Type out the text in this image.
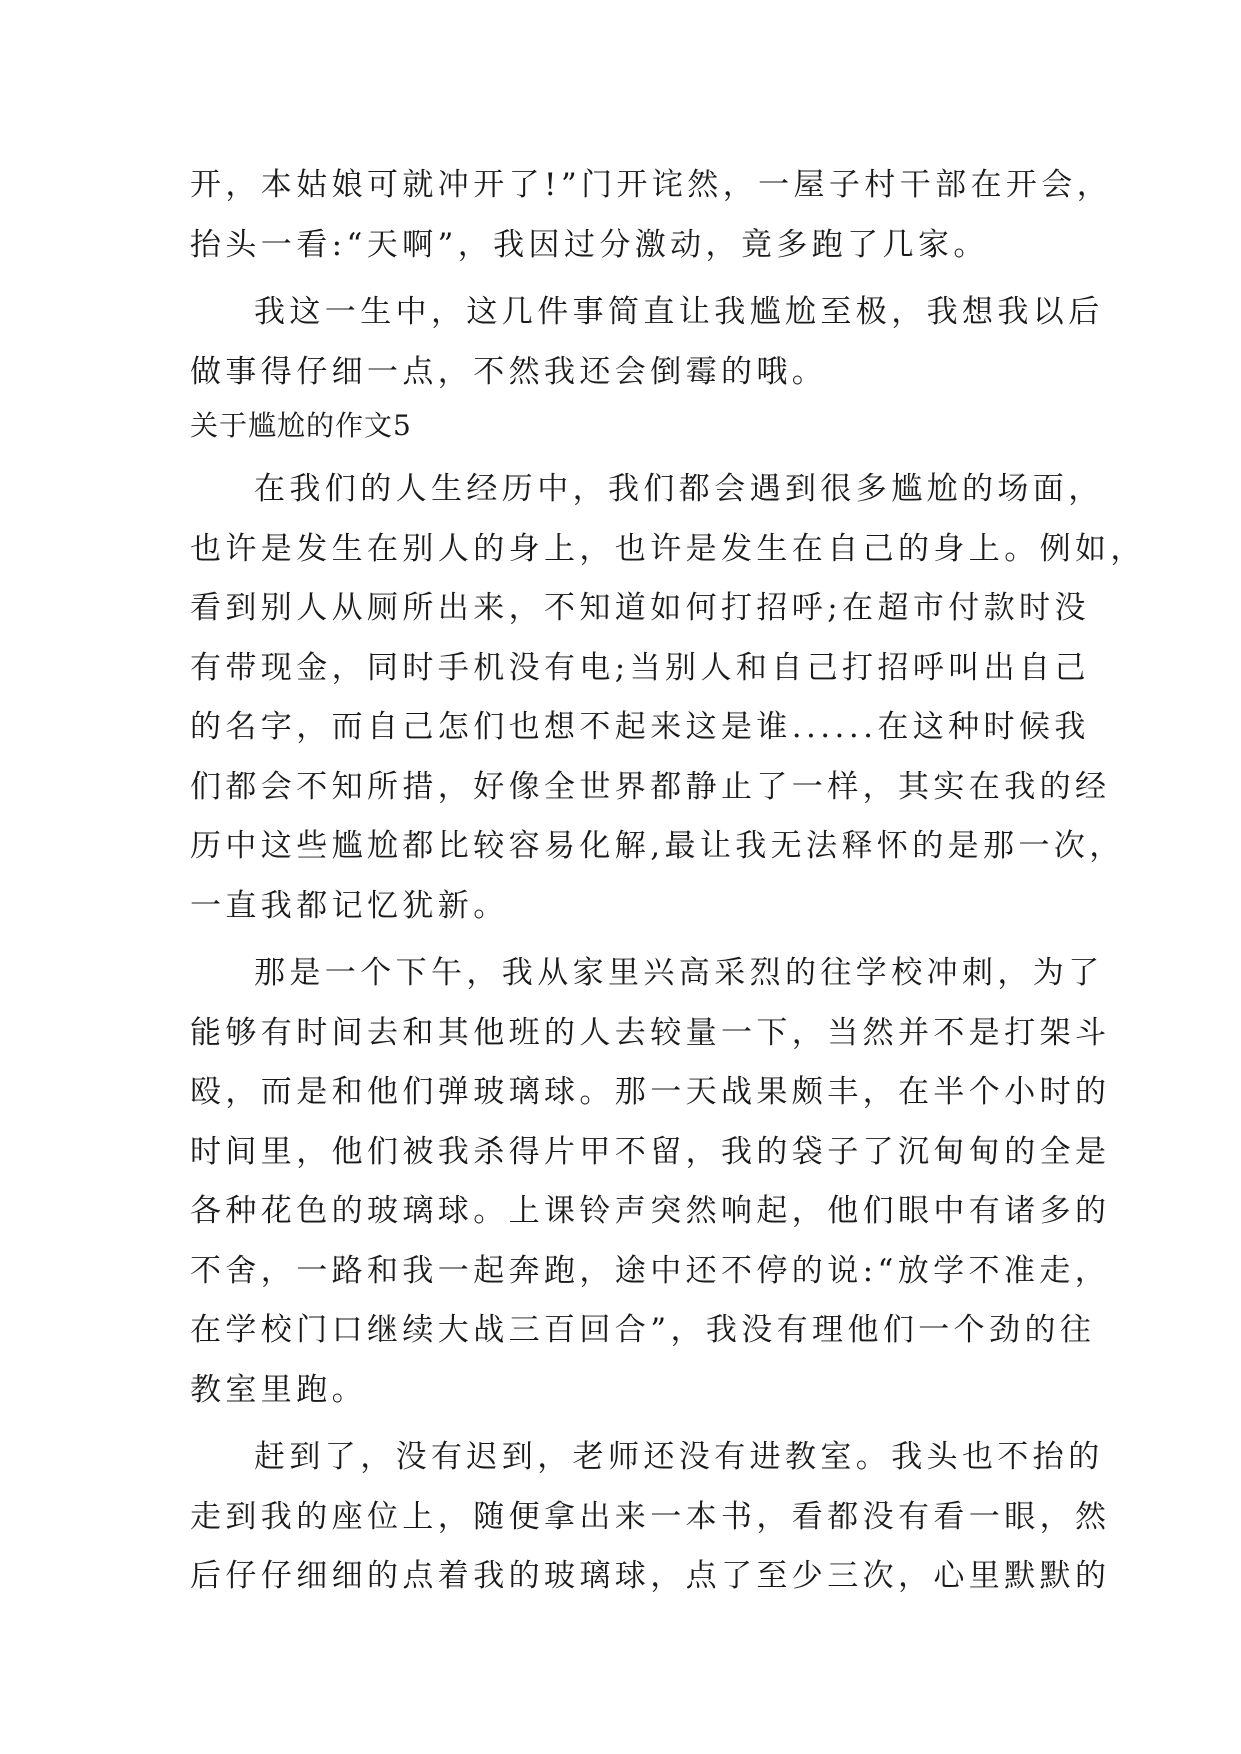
开，本姑娘可就冲开了!”门开诧然，一屋子村干部在开会，
抬头一看:“天啊”，我因过分激动，竟多跑了几家。
我这一生中，这几件事简直让我尴尬至极，我想我以后
做事得仔细一点，不然我还会倒霉的哦。
关于尴尬的作文5
在我们的人生经历中，我们都会遇到很多尴尬的场面，
也许是发生在别人的身上，也许是发生在自己的身上。例如，
看到别人从厕所出来，不知道如何打招呼;在超市付款时没
有带现金，同时手机没有电;当别人和自己打招呼叫出自己
的名字，而自己怎们也想不起来这是谁......在这种时候我
们都会不知所措，好像全世界都静止了一样，其实在我的经
历中这些尴尬都比较容易化解,最让我无法释怀的是那一次，
一直我都记忆犹新。
那是一个下午，我从家里兴高采烈的往学校冲刺，为了
能够有时间去和其他班的人去较量一下，当然并不是打架斗
殴，而是和他们弹玻璃球。那一天战果颇丰，在半个小时的
时间里，他们被我杀得片甲不留，我的袋子了沉甸甸的全是
各种花色的玻璃球。上课铃声突然响起，他们眼中有诸多的
不舍，一路和我一起奔跑，途中还不停的说:“放学不准走，
在学校门口继续大战三百回合”，我没有理他们一个劲的往
教室里跑。
赶到了，没有迟到，老师还没有进教室。我头也不抬的
走到我的座位上，随便拿出来一本书，看都没有看一眼，然
后仔仔细细的点着我的玻璃球，点了至少三次，心里默默的
